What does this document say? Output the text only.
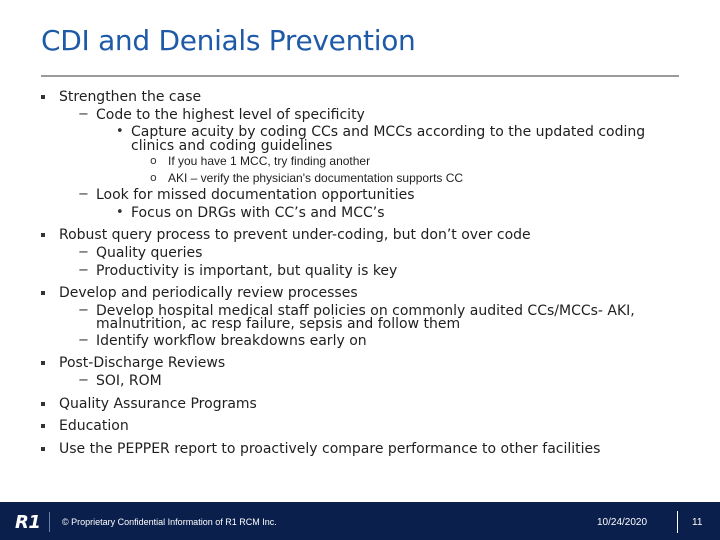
CDI and Denials Prevention
Strengthen the case
− Code to the highest level of specificity
• Capture acuity by coding CCs and MCCs according to the updated coding
clinics and coding guidelines
o If you have 1 MCC, try finding another
o AKI – verify the physician's documentation supports CC
− Look for missed documentation opportunities
• Focus on DRGs with CC’s and MCC’s
Robust query process to prevent under-coding, but don’t over code
− Quality queries
− Productivity is important, but quality is key
Develop and periodically review processes
− Develop hospital medical staff policies on commonly audited CCs/MCCs- AKI,
malnutrition, ac resp failure, sepsis and follow them
− Identify workflow breakdowns early on
Post-Discharge Reviews
− SOI, ROM
Quality Assurance Programs
Education
Use the PEPPER report to proactively compare performance to other facilities
R1 © Proprietary Confidential Information of R1 RCM Inc.	10/24/2020	11
